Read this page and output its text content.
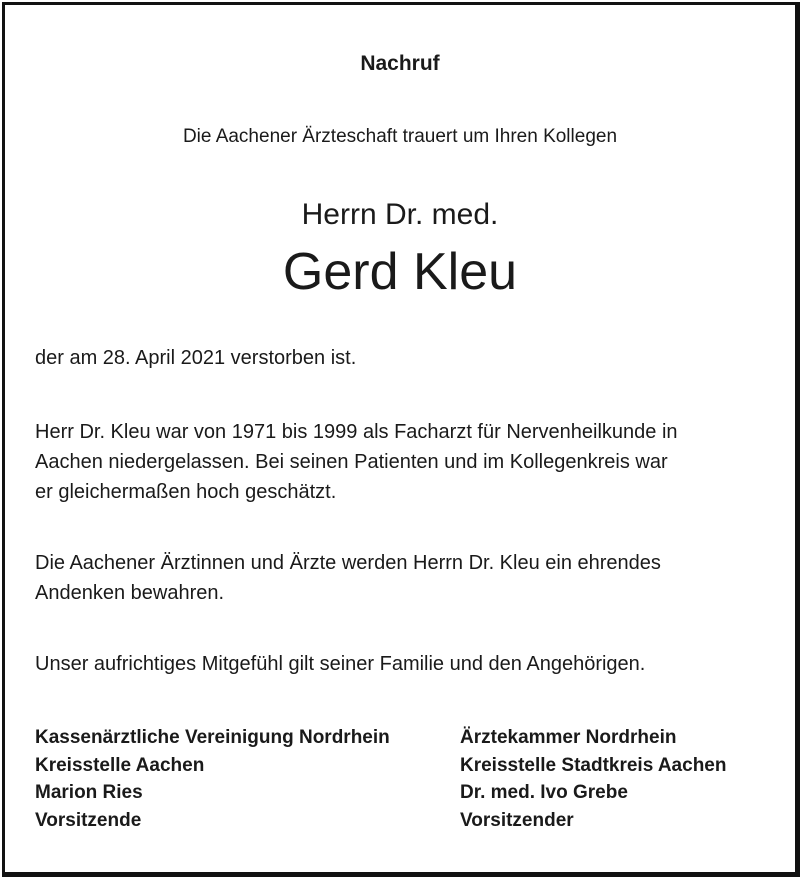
Nachruf
Die Aachener Ärzteschaft trauert um Ihren Kollegen
Herrn Dr. med.
Gerd Kleu
der am 28. April 2021 verstorben ist.
Herr Dr. Kleu war von 1971 bis 1999 als Facharzt für Nervenheilkunde in
Aachen niedergelassen. Bei seinen Patienten und im Kollegenkreis war
er gleichermaßen hoch geschätzt.
Die Aachener Ärztinnen und Ärzte werden Herrn Dr. Kleu ein ehrendes
Andenken bewahren.
Unser aufrichtiges Mitgefühl gilt seiner Familie und den Angehörigen.
Kassenärztliche Vereinigung Nordrhein
Kreisstelle Aachen
Marion Ries
Vorsitzende
Ärztekammer Nordrhein
Kreisstelle Stadtkreis Aachen
Dr. med. Ivo Grebe
Vorsitzender
